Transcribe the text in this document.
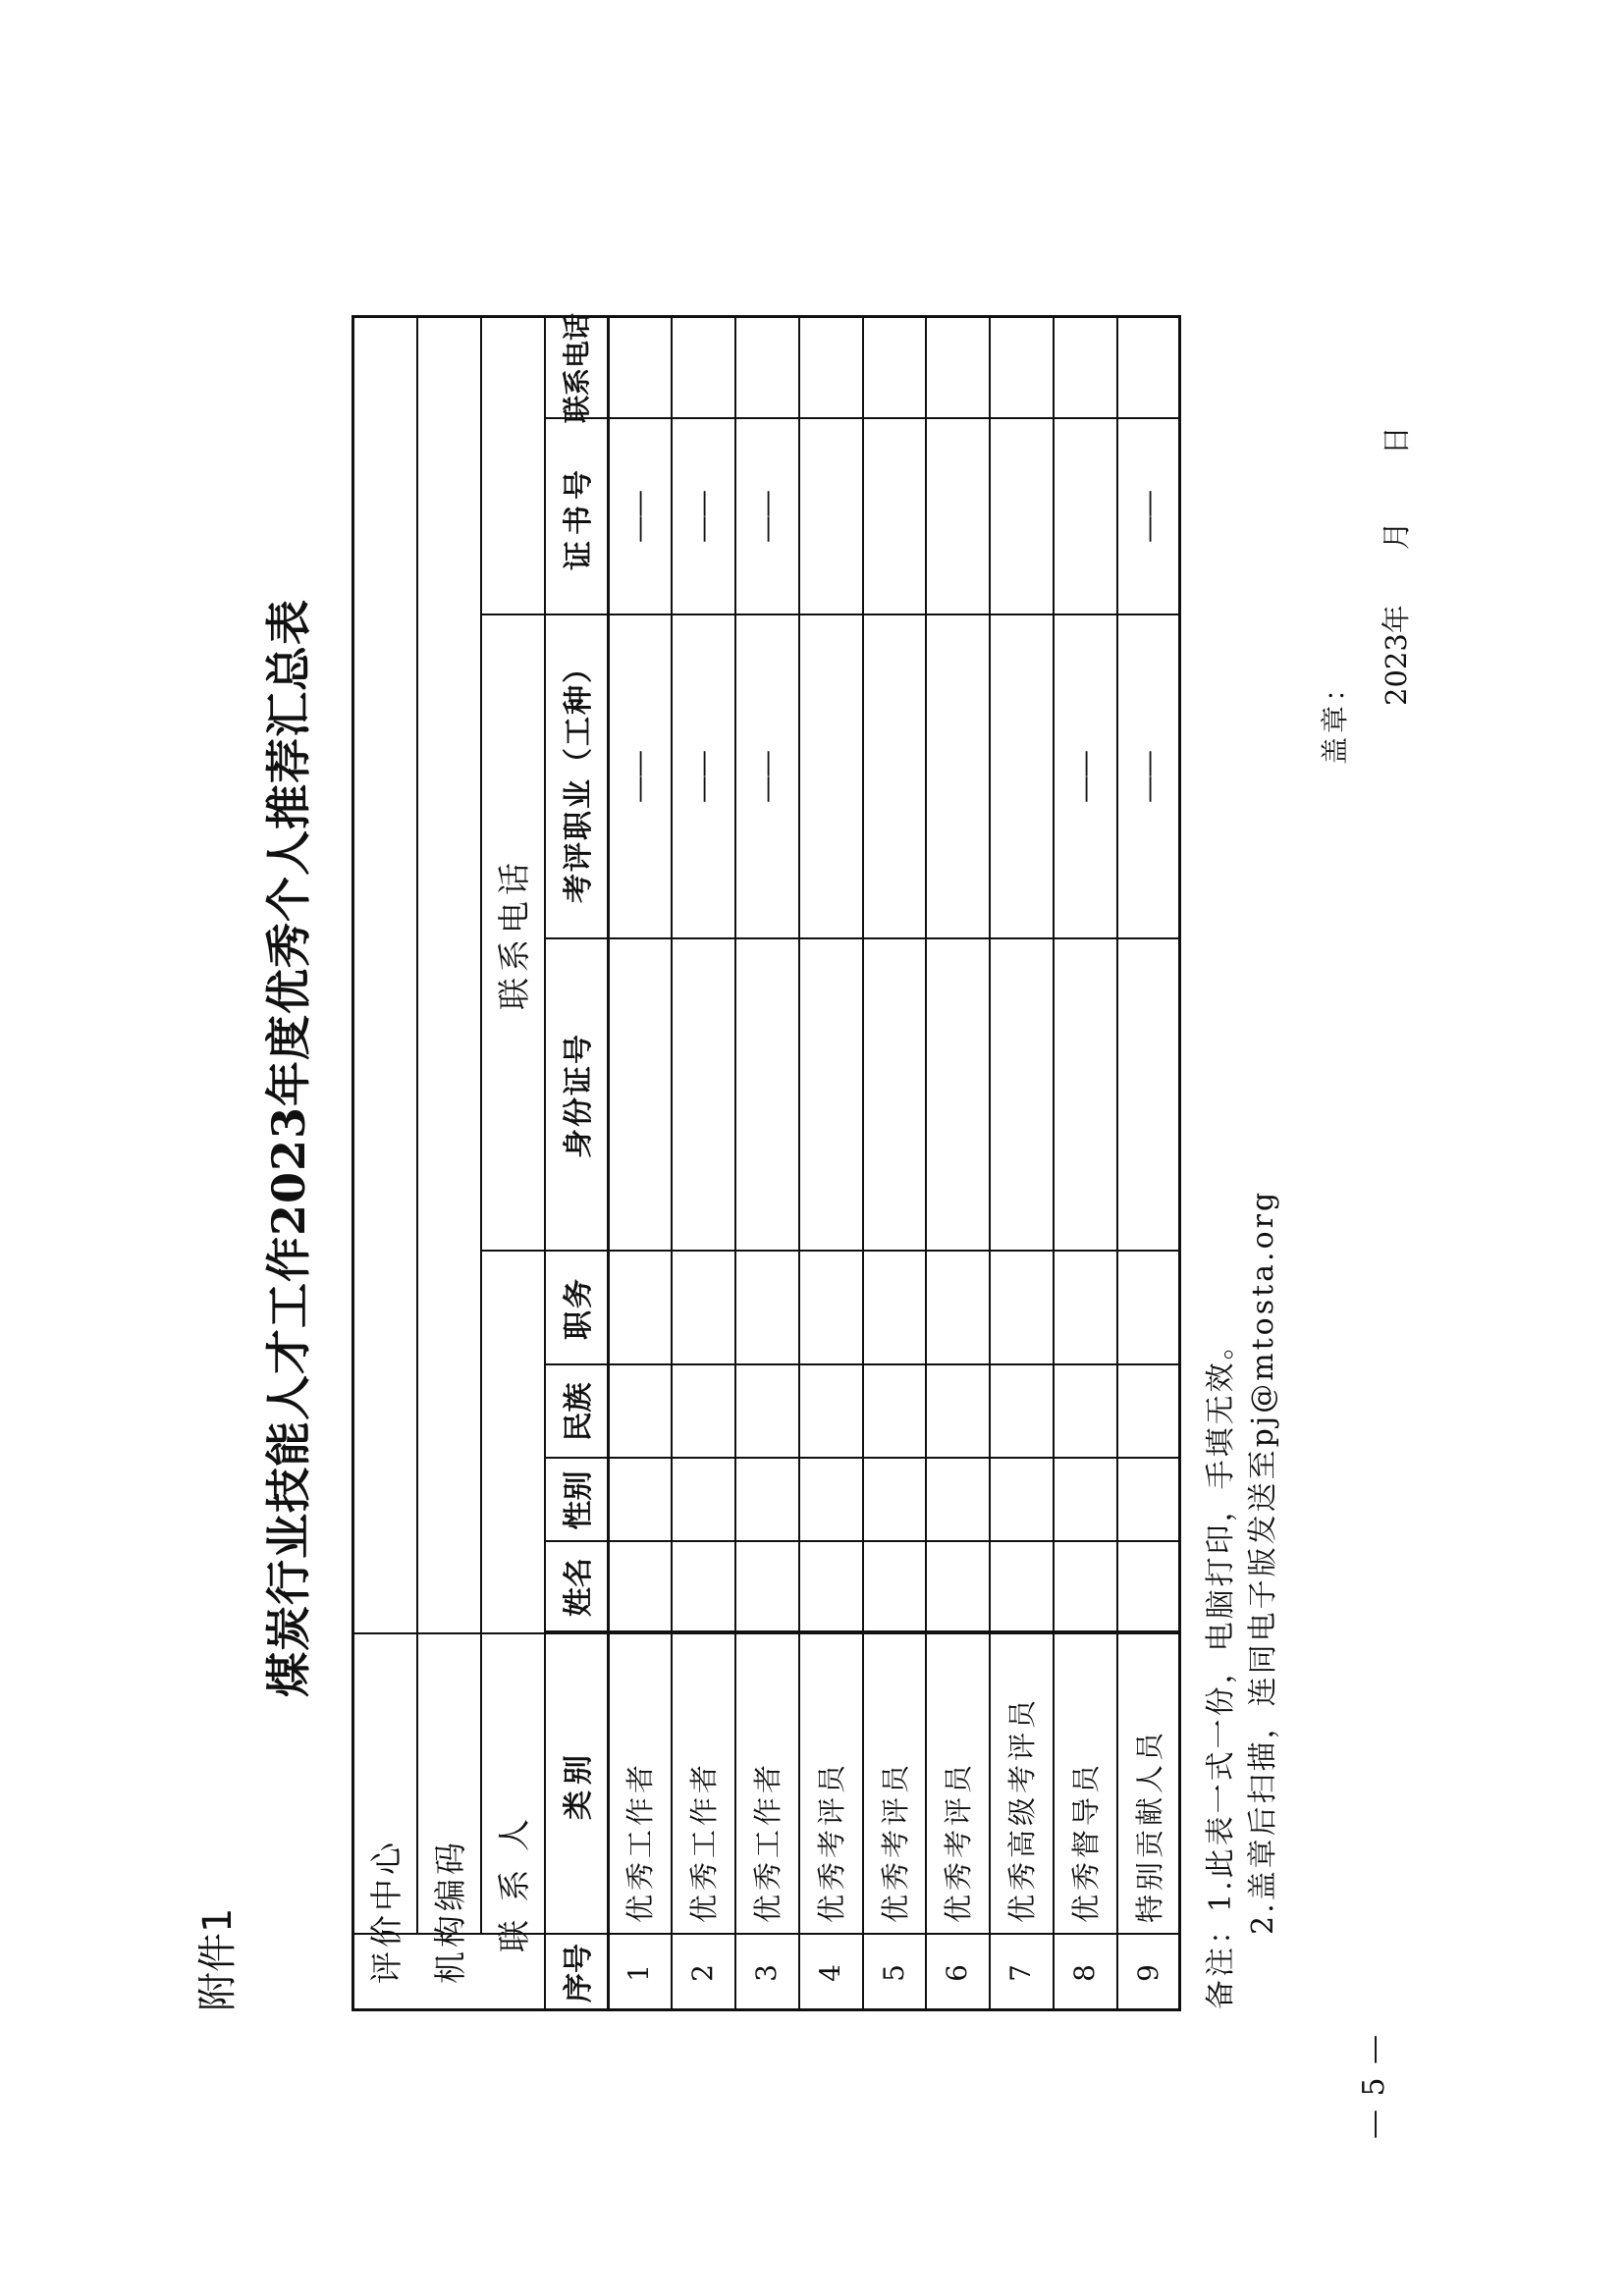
附件1
煤炭行业技能人才工作2023年度优秀个人推荐汇总表
评价中心 机构编码 联 系 人
联系电话
序号
类别
姓名
性别
民族
职务
身份证号
考评职业（工种）
证书号
联系电话
1
优秀工作者
——
——
2
优秀工作者
——
——
3
优秀工作者
——
——
4
优秀考评员
5
优秀考评员
6
优秀考评员
7
优秀高级考评员
8
优秀督导员
——
9
特别贡献人员
——
——
备注：1.此表一式一份，电脑打印，手填无效。 2.盖章后扫描，连同电子版发送至pj@mtosta.org
盖章：
2023年月日
— 5 —
